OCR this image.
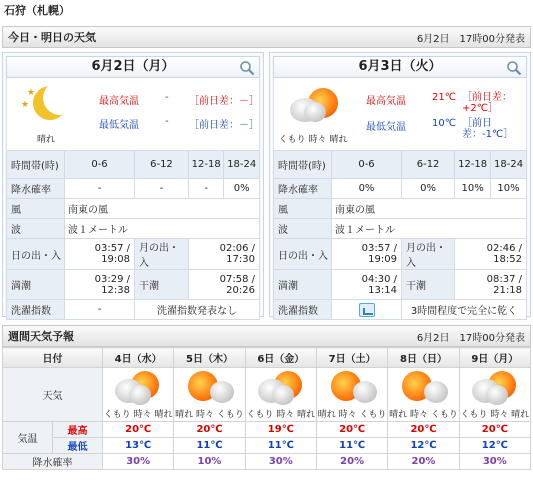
石狩（札幌）
今日・明日の天気	6月2日　 17時00分発表
6月2日（月）
★
★
晴れ
最高気温	-	［前日差：－］
最低気温	-	［前日差：－］
時間帯(時)	0-6	6-12	12-18	18-24
降水確率	-	-	-	0%
風	南東の風			
波	波１メートル			
日の出・入	03:57 / 19:08	月の出・入	02:06 / 17:30	
満潮	03:29 / 12:38	干潮	07:58 / 20:26	
洗濯指数	-	洗濯指数発表なし		
6月3日（火）
くもり 時々 晴れ
最高気温	21℃ ［前日差：+2℃］
最低気温	10℃ ［前日差：-1℃］
時間帯(時)	0-6	6-12	12-18	18-24
降水確率	0%	0%	10%	10%
風	南東の風			
波	波１メートル			
日の出・入	03:57 / 19:09	月の出・入	02:46 / 18:52	
満潮	04:30 / 13:14	干潮	08:37 / 21:18	
洗濯指数		3時間程度で完全に乾く		
週間天気予報	6月2日　 17時00分発表
日付		4日（水）	5日（木）	6日（金）	7日（土）	8日（日）	9日（月）
天気		くもり 時々 晴れ	晴れ 時々 くもり	くもり 時々 晴れ	晴れ 時々 くもり	晴れ 時々 くもり	くもり 時々 晴れ

気温	最高	20℃	20℃	19℃	20℃	20℃	20℃
	最低	13℃	11℃	11℃	11℃	12℃	12℃
降水確率		30%	10%	30%	20%	20%	30%
